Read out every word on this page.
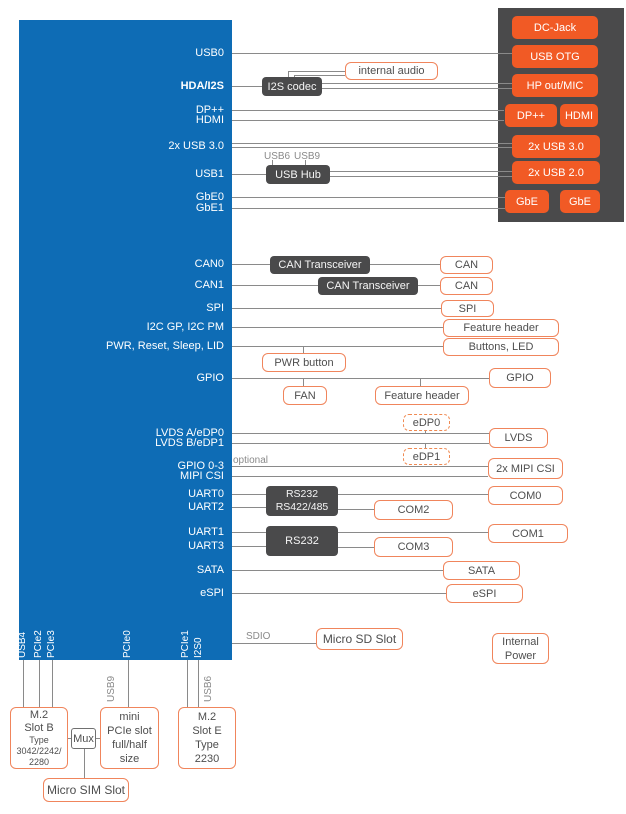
USB0
HDA/I2S
DP++
HDMI
2x USB 3.0
USB1
GbE0
GbE1
CAN0
CAN1
SPI
I2C GP, I2C PM
PWR, Reset, Sleep, LID
GPIO
LVDS A/eDP0
LVDS B/eDP1
GPIO 0-3
MIPI CSI
UART0
UART2
UART1
UART3
SATA
eSPI
USB4 PCIe2 PCIe3	PCIe0	PCIe1 I2S0
DC-Jack
USB OTG
HP out/MIC
DP++	HDMI
2x USB 3.0
2x USB 2.0
GbE	GbE
I2S codec
USB Hub
CAN Transceiver
CAN Transceiver
RS232
RS422/485
RS232
USB6 USB9
optional
SDIO
USB9	USB6
internal audio
PWR button
FAN	Feature header
eDP0
eDP1
COM2
COM3
Micro SD Slot
CAN
CAN
SPI
Feature header
Buttons, LED
GPIO
LVDS
2x MIPI CSI
COM0
COM1
SATA
eSPI
Internal
Power
M.2
Slot B
Type
3042/2242/
2280
Mux
mini
PCIe slot
full/half
size
M.2
Slot E
Type
2230
Micro SIM Slot
